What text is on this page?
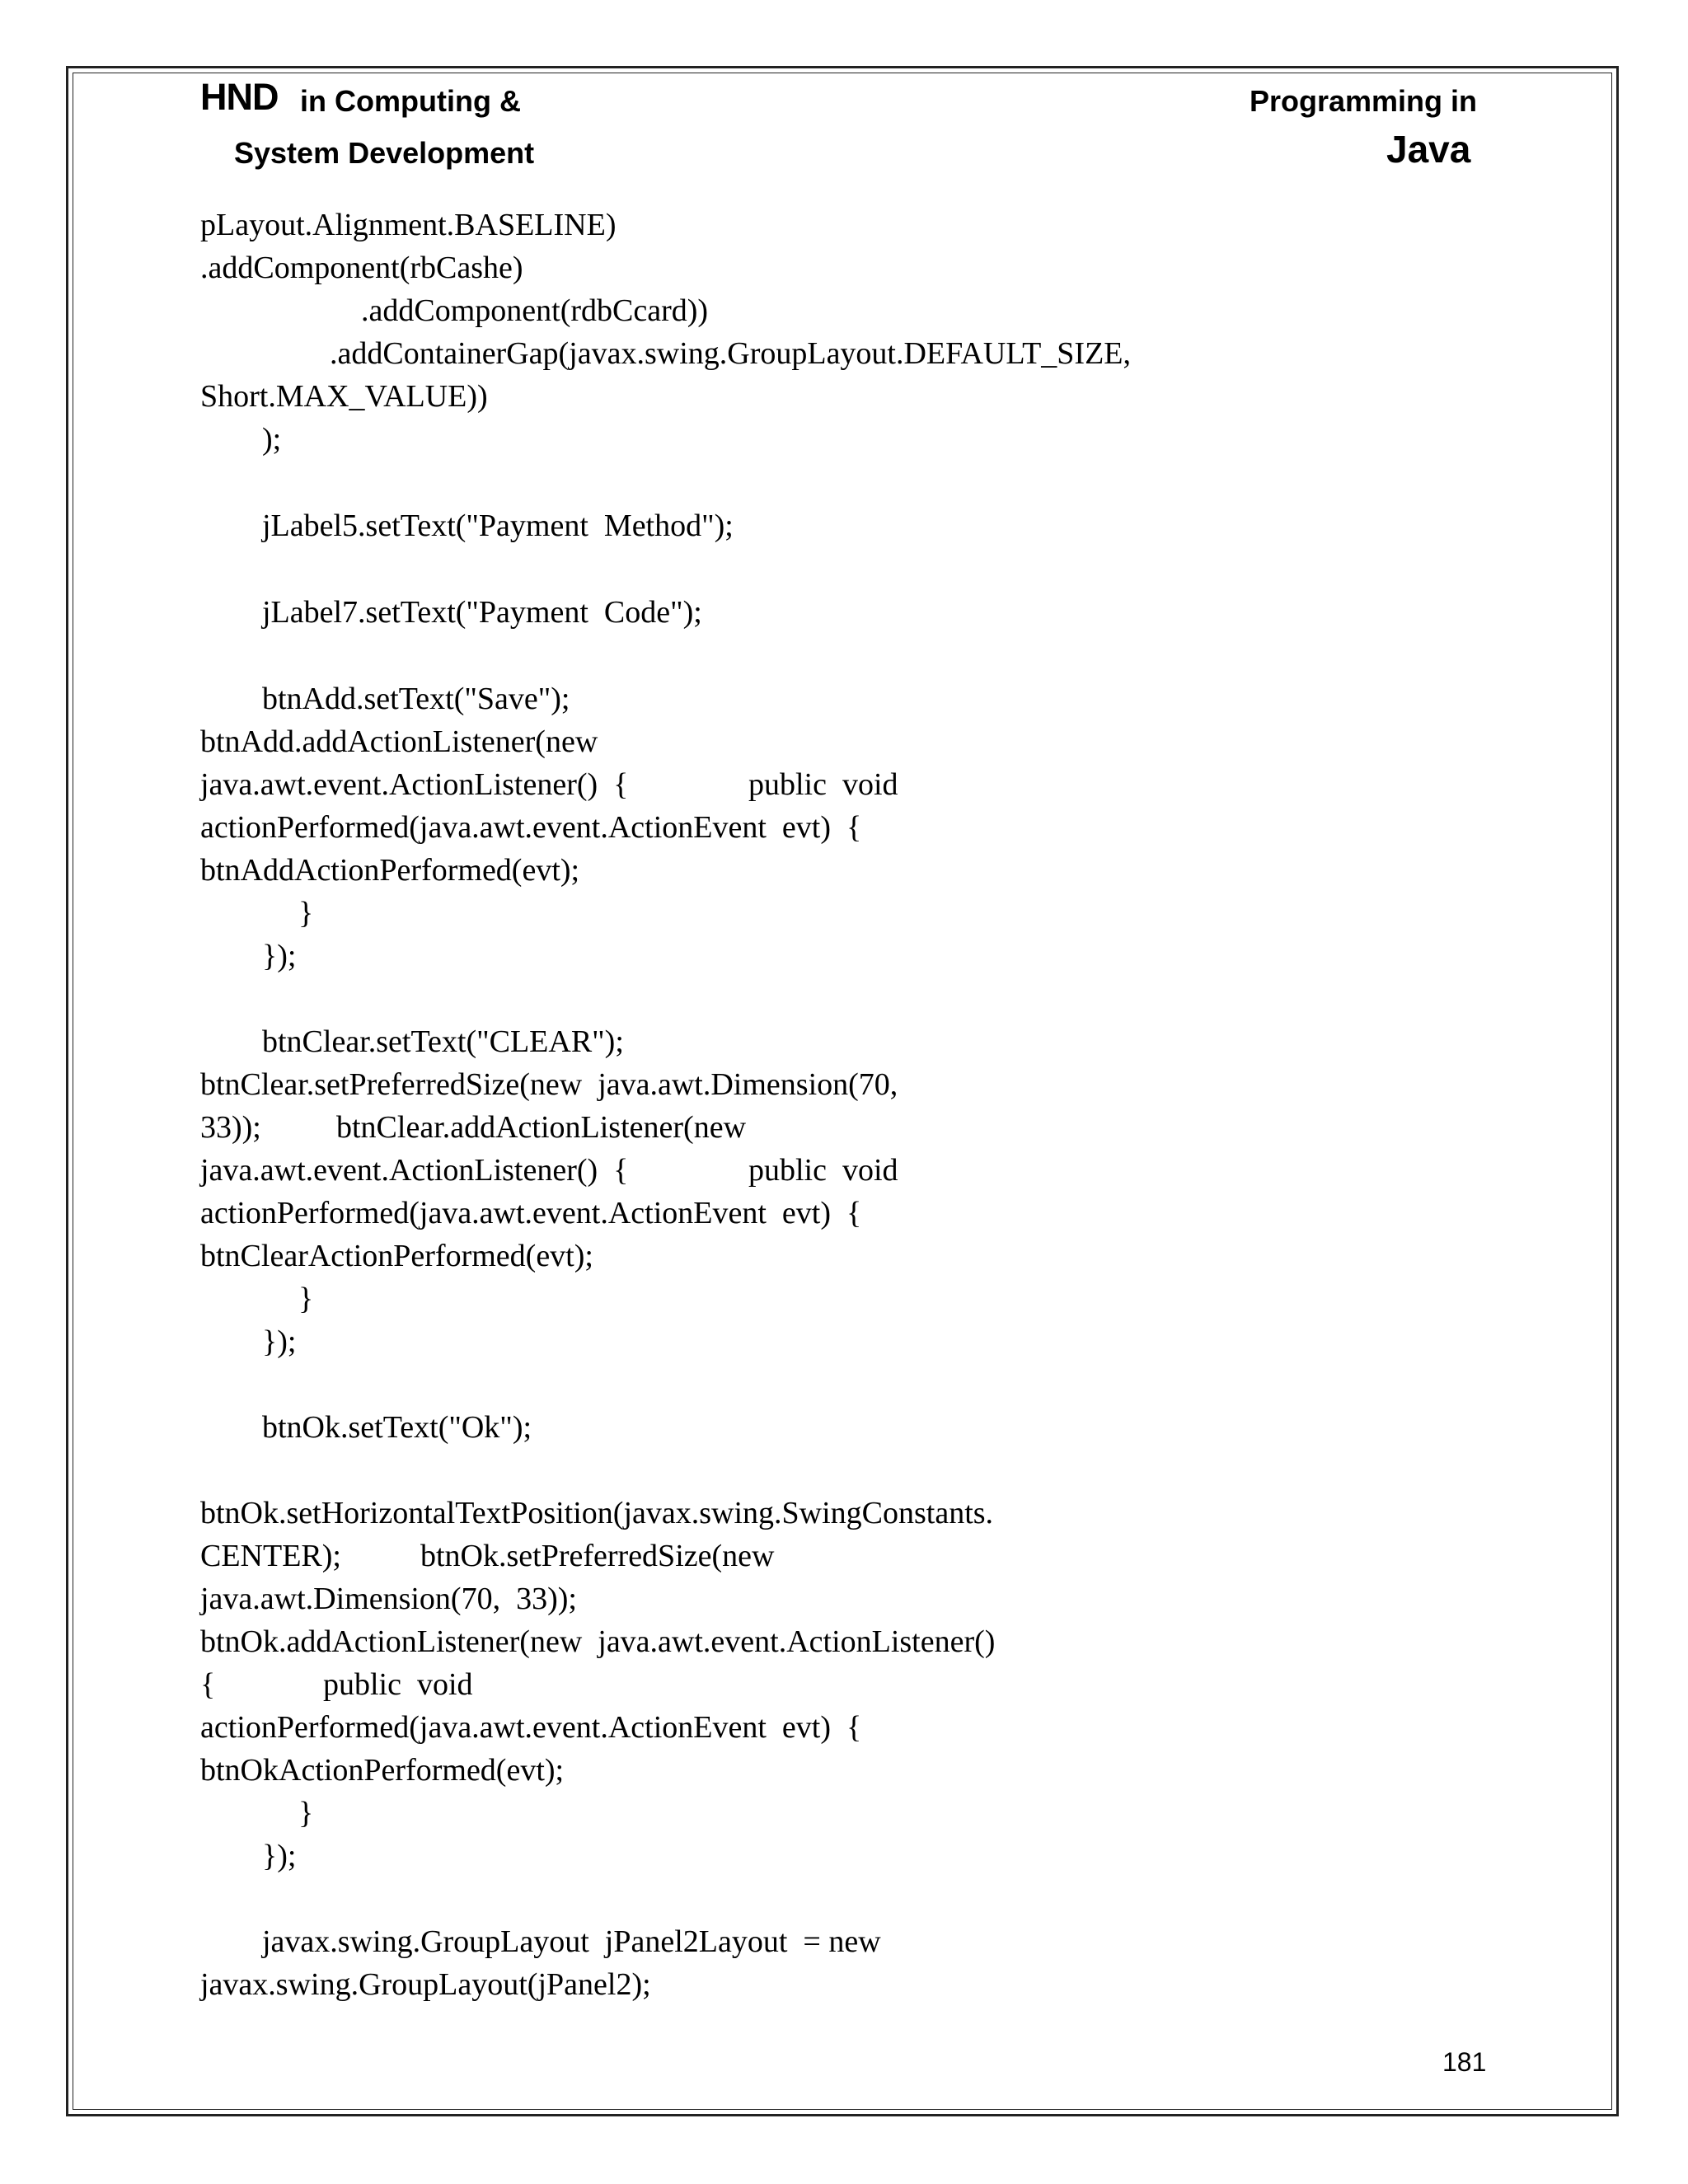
HND in Computing &
System Development
Programming in
Java
pLayout.Alignment.BASELINE)
.addComponent(rbCashe)
.addComponent(rdbCcard))
.addContainerGap(javax.swing.GroupLayout.DEFAULT_SIZE,
Short.MAX_VALUE))
);
jLabel5.setText("Payment  Method");
jLabel7.setText("Payment  Code");
btnAdd.setText("Save");
btnAdd.addActionListener(new
java.awt.event.ActionListener()  {	public  void
actionPerformed(java.awt.event.ActionEvent  evt)  {
btnAddActionPerformed(evt);
}
});
btnClear.setText("CLEAR");
btnClear.setPreferredSize(new  java.awt.Dimension(70,
33)); btnClear.addActionListener(new
java.awt.event.ActionListener()  {	public  void
actionPerformed(java.awt.event.ActionEvent  evt)  {
btnClearActionPerformed(evt);
}
});
btnOk.setText("Ok");
btnOk.setHorizontalTextPosition(javax.swing.SwingConstants.
CENTER);	btnOk.setPreferredSize(new
java.awt.Dimension(70,  33));
btnOk.addActionListener(new  java.awt.event.ActionListener()
{	public  void
actionPerformed(java.awt.event.ActionEvent  evt)  {
btnOkActionPerformed(evt);
}
});
javax.swing.GroupLayout  jPanel2Layout  = new
javax.swing.GroupLayout(jPanel2);
181
